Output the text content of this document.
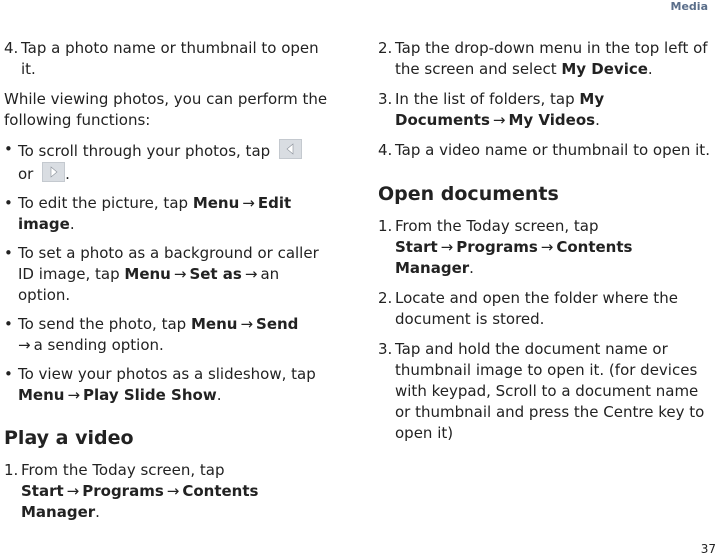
Media
4. Tap a photo name or thumbnail to open it.
While viewing photos, you can perform the following functions:
• To scroll through your photos, tap

or .
• To edit the picture, tap Menu → Edit image.
• To set a photo as a background or caller ID image, tap Menu → Set as → an option.
• To send the photo, tap Menu → Send
→ a sending option.
• To view your photos as a slideshow, tap Menu → Play Slide Show.
Play a video
1. From the Today screen, tap Start → Programs → Contents Manager.
2. Tap the drop-down menu in the top left of the screen and select My Device.
3. In the list of folders, tap My Documents → My Videos.
4. Tap a video name or thumbnail to open it.
Open documents
1. From the Today screen, tap Start → Programs → Contents Manager.
2. Locate and open the folder where the document is stored.
3. Tap and hold the document name or thumbnail image to open it. (for devices with keypad, Scroll to a document name or thumbnail and press the Centre key to open it)
37
